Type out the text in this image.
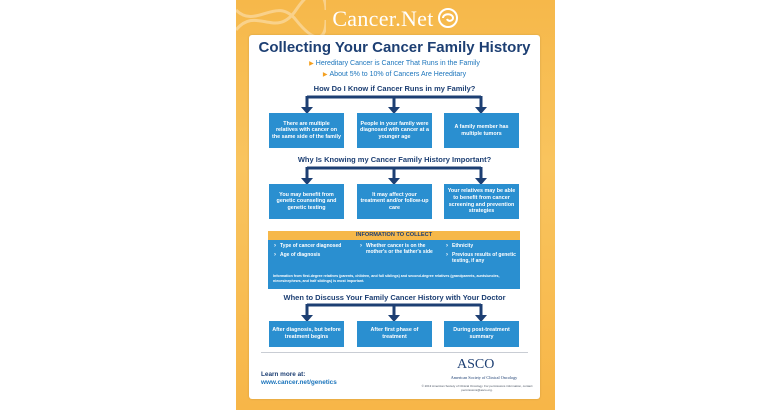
Cancer.Net
Collecting Your Cancer Family History
▶ Hereditary Cancer is Cancer That Runs in the Family
▶ About 5% to 10% of Cancers Are Hereditary
How Do I Know if Cancer Runs in my Family?
There are multiple relatives with cancer on the same side of the family
People in your family were diagnosed with cancer at a younger age
A family member has multiple tumors
Why Is Knowing my Cancer Family History Important?
You may benefit from genetic counseling and genetic testing
It may affect your treatment and/or follow-up care
Your relatives may be able to benefit from cancer screening and prevention strategies
INFORMATION TO COLLECT
› Type of cancer diagnosed
› Age of diagnosis
› Whether cancer is on the mother's or the father's side
› Ethnicity
› Previous results of genetic testing, if any
Information from first-degree relatives (parents, children, and full siblings) and second-degree relatives (grandparents, aunts/uncles, nieces/nephews, and half siblings) is most important.
When to Discuss Your Family Cancer History with Your Doctor
After diagnosis, but before treatment begins
After first phase of treatment
During post-treatment summary
Learn more at:
www.cancer.net/genetics
ASCO
American Society of Clinical Oncology
© 2013 American Society of Clinical Oncology. For permissions information, contact permissions@asco.org.
